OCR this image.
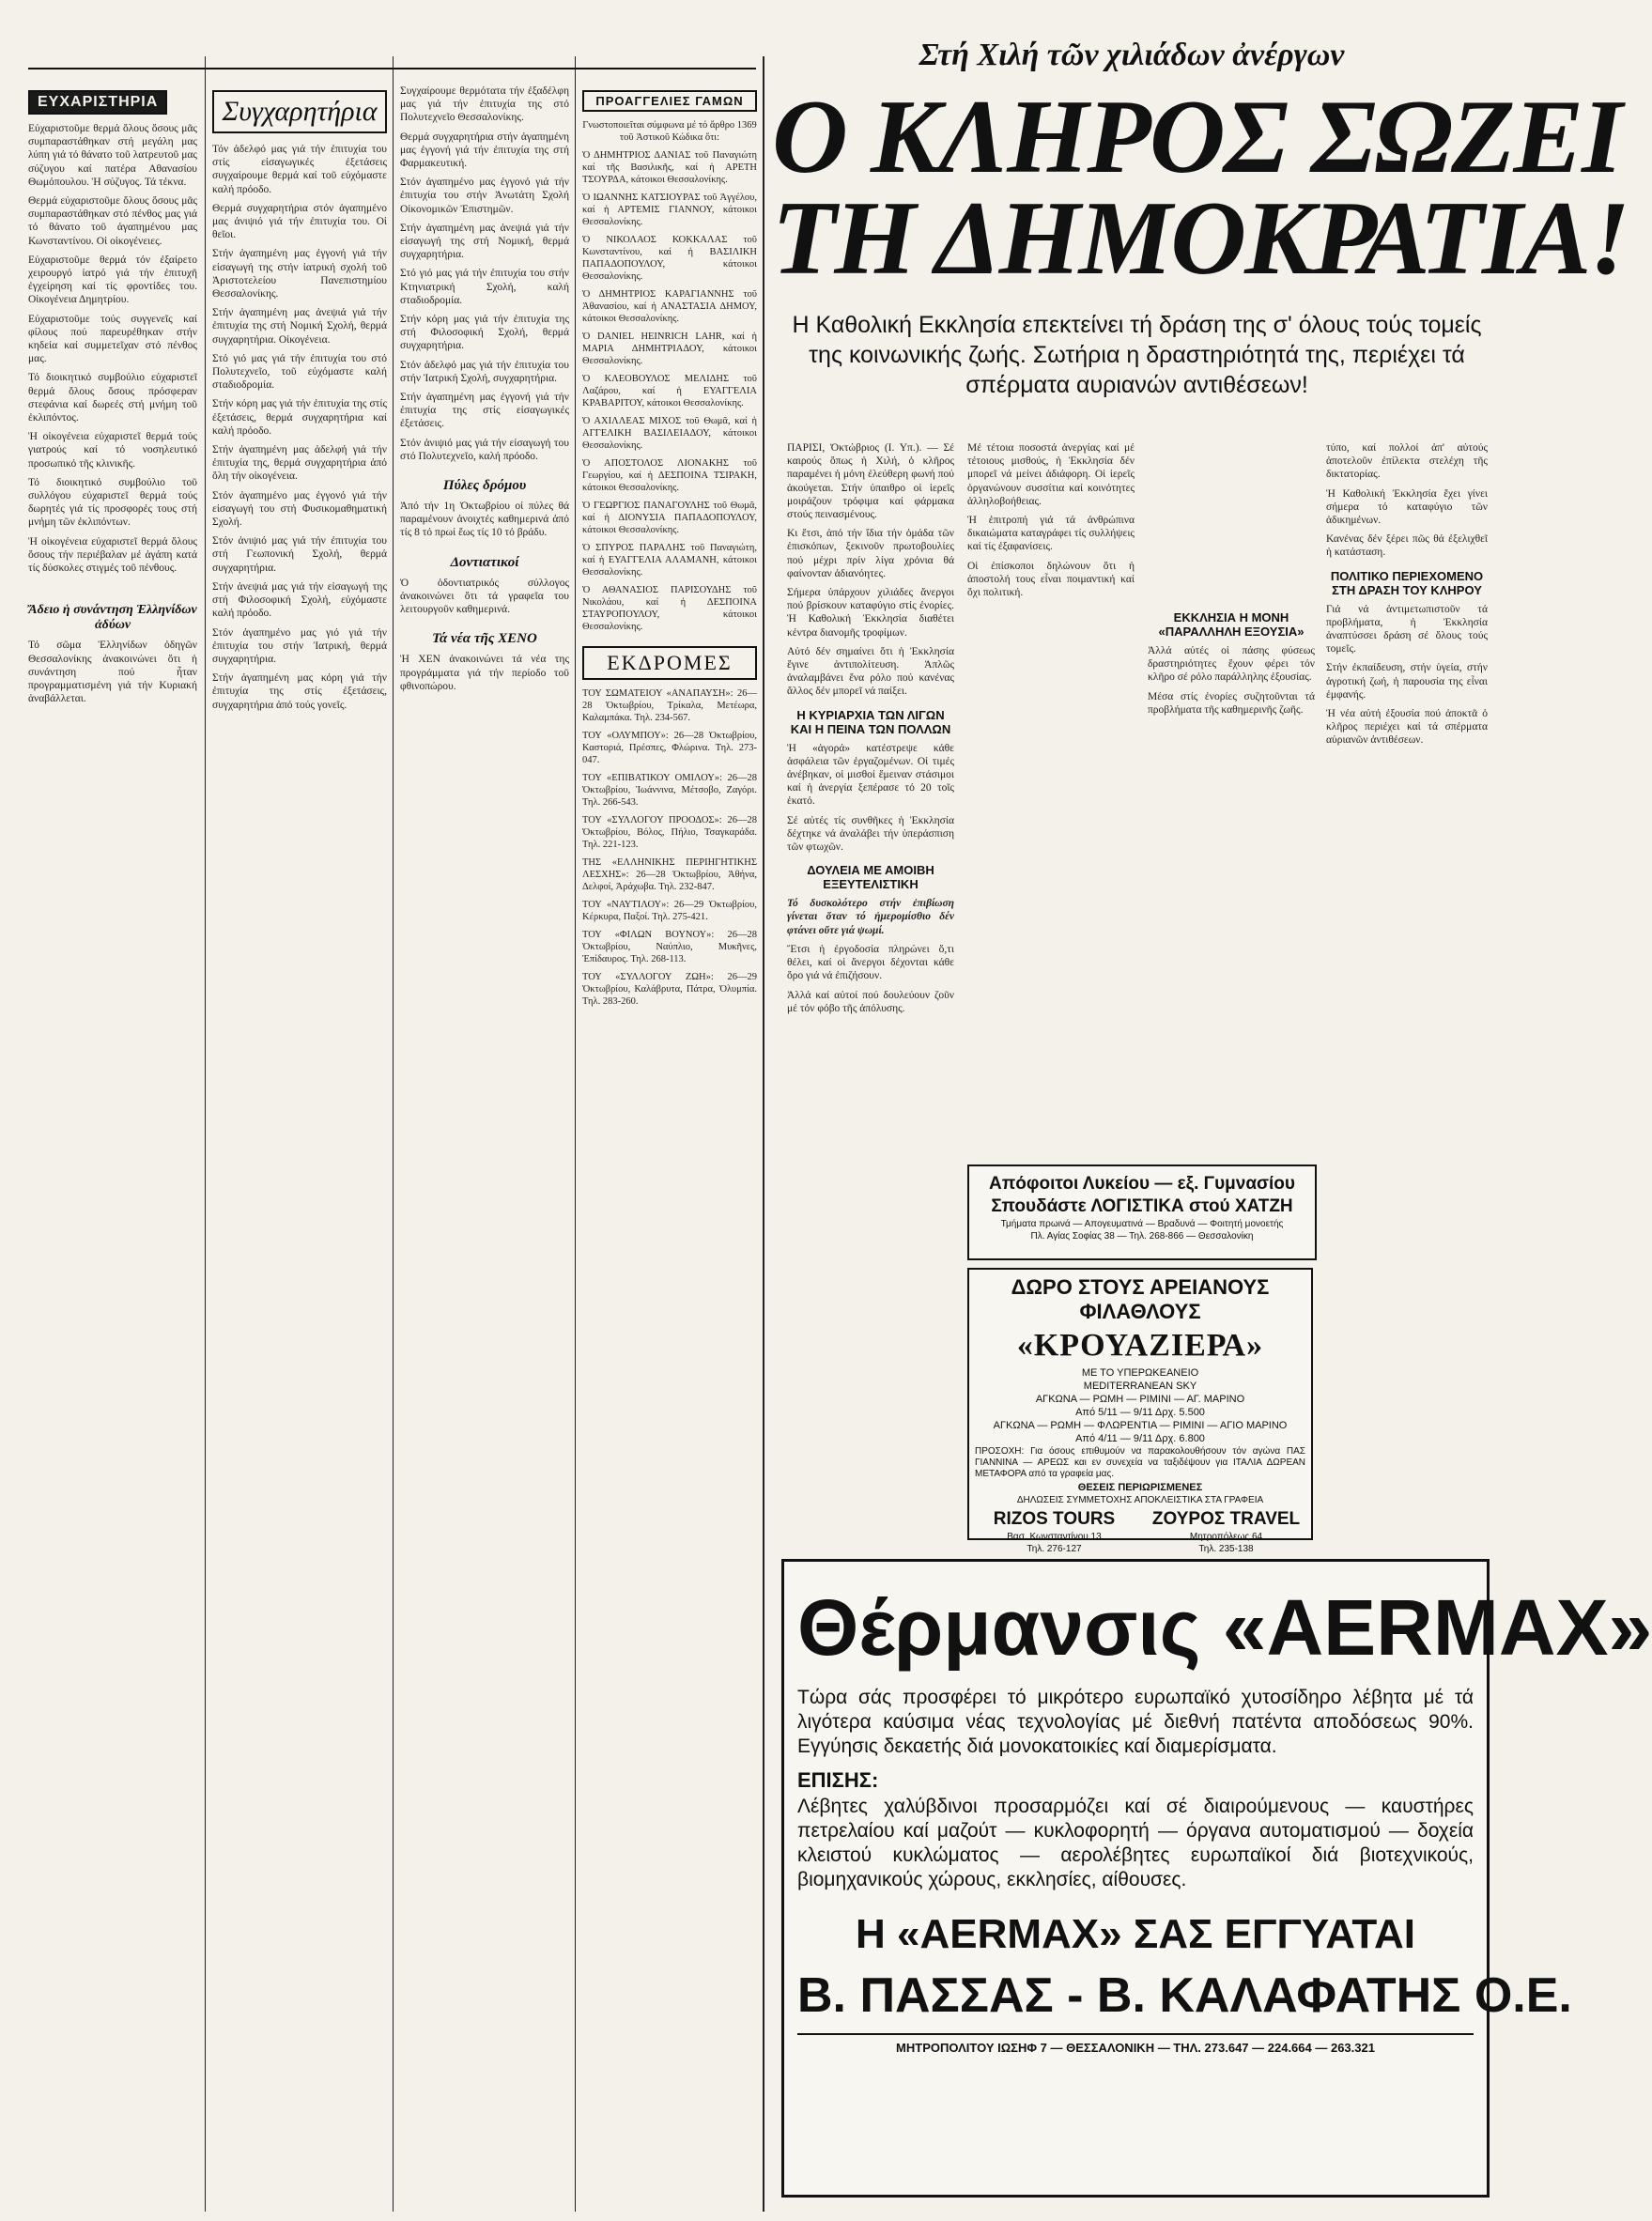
ΕΥΧΑΡΙΣΤΗΡΙΑ

Εὐχαριστοῦμε θερμά ὅλους ὅσους μᾶς συμπαραστάθηκαν στή μεγάλη μας λύπη γιά τό θάνατο τοῦ λατρευτοῦ μας σύζυγου καί πατέρα Αθανασίου Θωμόπουλου. Ἡ σύζυγος. Τά τέκνα.

Θερμά εὐχαριστοῦμε ὅλους ὅσους μᾶς συμπαραστάθηκαν στό πένθος μας γιά τό θάνατο τοῦ ἀγαπημένου μας Κωνσταντίνου. Οἱ οἰκογένειες.

Εὐχαριστοῦμε θερμά τόν ἐξαίρετο χειρουργό ἰατρό γιά τήν ἐπιτυχῆ ἐγχείρηση καί τίς φροντίδες του. Οἰκογένεια Δημητρίου.

Εὐχαριστοῦμε τούς συγγενεῖς καί φίλους πού παρευρέθηκαν στήν κηδεία καί συμμετεῖχαν στό πένθος μας.

Τό διοικητικό συμβούλιο εὐχαριστεῖ θερμά ὅλους ὅσους πρόσφεραν στεφάνια καί δωρεές στή μνήμη τοῦ ἐκλιπόντος.

Ἡ οἰκογένεια εὐχαριστεῖ θερμά τούς γιατρούς καί τό νοσηλευτικό προσωπικό τῆς κλινικῆς.

Τό διοικητικό συμβούλιο τοῦ συλλόγου εὐχαριστεῖ θερμά τούς δωρητές γιά τίς προσφορές τους στή μνήμη τῶν ἐκλιπόντων.

Ἡ οἰκογένεια εὐχαριστεῖ θερμά ὅλους ὅσους τήν περιέβαλαν μέ ἀγάπη κατά τίς δύσκολες στιγμές τοῦ πένθους.

Ἄδειο ἡ συνάντηση Ἑλληνίδων ἀδύων

Τό σῶμα Ἑλληνίδων ὁδηγῶν Θεσσαλονίκης ἀνακοινώνει ὅτι ἡ συνάντηση πού ἦταν προγραμματισμένη γιά τήν Κυριακή ἀναβάλλεται.

Συγχαρητήρια

Τόν ἀδελφό μας γιά τήν ἐπιτυχία του στίς εἰσαγωγικές ἐξετάσεις συγχαίρουμε θερμά καί τοῦ εὐχόμαστε καλή πρόοδο.

Θερμά συγχαρητήρια στόν ἀγαπημένο μας ἀνιψιό γιά τήν ἐπιτυχία του. Οἱ θεῖοι.

Στήν ἀγαπημένη μας ἐγγονή γιά τήν εἰσαγωγή της στήν ἰατρική σχολή τοῦ Ἀριστοτελείου Πανεπιστημίου Θεσσαλονίκης.

Στήν ἀγαπημένη μας ἀνεψιά γιά τήν ἐπιτυχία της στή Νομική Σχολή, θερμά συγχαρητήρια. Οἰκογένεια.

Στό γιό μας γιά τήν ἐπιτυχία του στό Πολυτεχνεῖο, τοῦ εὐχόμαστε καλή σταδιοδρομία.

Στήν κόρη μας γιά τήν ἐπιτυχία της στίς ἐξετάσεις, θερμά συγχαρητήρια καί καλή πρόοδο.

Στήν ἀγαπημένη μας ἀδελφή γιά τήν ἐπιτυχία της, θερμά συγχαρητήρια ἀπό ὅλη τήν οἰκογένεια.

Στόν ἀγαπημένο μας ἐγγονό γιά τήν εἰσαγωγή του στή Φυσικομαθηματική Σχολή.

Στόν ἀνιψιό μας γιά τήν ἐπιτυχία του στή Γεωπονική Σχολή, θερμά συγχαρητήρια.

Στήν ἀνεψιά μας γιά τήν εἰσαγωγή της στή Φιλοσοφική Σχολή, εὐχόμαστε καλή πρόοδο.

Στόν ἀγαπημένο μας γιό γιά τήν ἐπιτυχία του στήν Ἰατρική, θερμά συγχαρητήρια.

Στήν ἀγαπημένη μας κόρη γιά τήν ἐπιτυχία της στίς ἐξετάσεις, συγχαρητήρια ἀπό τούς γονεῖς.

Συγχαίρουμε θερμότατα τήν ἐξαδέλφη μας γιά τήν ἐπιτυχία της στό Πολυτεχνεῖο Θεσσαλονίκης.

Θερμά συγχαρητήρια στήν ἀγαπημένη μας ἐγγονή γιά τήν ἐπιτυχία της στή Φαρμακευτική.

Στόν ἀγαπημένο μας ἐγγονό γιά τήν ἐπιτυχία του στήν Ἀνωτάτη Σχολή Οἰκονομικῶν Ἐπιστημῶν.

Στήν ἀγαπημένη μας ἀνεψιά γιά τήν εἰσαγωγή της στή Νομική, θερμά συγχαρητήρια.

Στό γιό μας γιά τήν ἐπιτυχία του στήν Κτηνιατρική Σχολή, καλή σταδιοδρομία.

Στήν κόρη μας γιά τήν ἐπιτυχία της στή Φιλοσοφική Σχολή, θερμά συγχαρητήρια.

Στόν ἀδελφό μας γιά τήν ἐπιτυχία του στήν Ἰατρική Σχολή, συγχαρητήρια.

Στήν ἀγαπημένη μας ἐγγονή γιά τήν ἐπιτυχία της στίς εἰσαγωγικές ἐξετάσεις.

Στόν ἀνιψιό μας γιά τήν εἰσαγωγή του στό Πολυτεχνεῖο, καλή πρόοδο.

Πύλες δρόμου

Ἀπό τήν 1η Ὀκτωβρίου οἱ πύλες θά παραμένουν ἀνοιχτές καθημερινά ἀπό τίς 8 τό πρωί ἕως τίς 10 τό βράδυ.

Δοντιατικοί

Ὁ ὀδοντιατρικός σύλλογος ἀνακοινώνει ὅτι τά γραφεῖα του λειτουργοῦν καθημερινά.

Τά νέα τῆς ΧΕΝΟ

Ἡ ΧΕΝ ἀνακοινώνει τά νέα της προγράμματα γιά τήν περίοδο τοῦ φθινοπώρου.

ΠΡΟΑΓΓΕΛΙΕΣ ΓΑΜΩΝ

Γνωστοποιεῖται σύμφωνα μέ τό ἄρθρο 1369 τοῦ Ἀστικοῦ Κώδικα ὅτι:

Ὁ ΔΗΜΗΤΡΙΟΣ ΔΑΝΙΑΣ τοῦ Παναγιώτη καί τῆς Βασιλικῆς, καί ἡ ΑΡΕΤΗ ΤΣΟΥΡΔΑ, κάτοικοι Θεσσαλονίκης.

Ὁ ΙΩΑΝΝΗΣ ΚΑΤΣΙΟΥΡΑΣ τοῦ Ἀγγέλου, καί ἡ ΑΡΤΕΜΙΣ ΓΙΑΝΝΟΥ, κάτοικοι Θεσσαλονίκης.

Ὁ ΝΙΚΟΛΑΟΣ ΚΟΚΚΑΛΑΣ τοῦ Κωνσταντίνου, καί ἡ ΒΑΣΙΛΙΚΗ ΠΑΠΑΔΟΠΟΥΛΟΥ, κάτοικοι Θεσσαλονίκης.

Ὁ ΔΗΜΗΤΡΙΟΣ ΚΑΡΑΓΙΑΝΝΗΣ τοῦ Ἀθανασίου, καί ἡ ΑΝΑΣΤΑΣΙΑ ΔΗΜΟΥ, κάτοικοι Θεσσαλονίκης.

Ὁ DANIEL HEINRICH LAHR, καί ἡ ΜΑΡΙΑ ΔΗΜΗΤΡΙΑΔΟΥ, κάτοικοι Θεσσαλονίκης.

Ὁ ΚΛΕΟΒΟΥΛΟΣ ΜΕΛΙΔΗΣ τοῦ Λαζάρου, καί ἡ ΕΥΑΓΓΕΛΙΑ ΚΡΑΒΑΡΙΤΟΥ, κάτοικοι Θεσσαλονίκης.

Ὁ ΑΧΙΛΛΕΑΣ ΜΙΧΟΣ τοῦ Θωμᾶ, καί ἡ ΑΓΓΕΛΙΚΗ ΒΑΣΙΛΕΙΑΔΟΥ, κάτοικοι Θεσσαλονίκης.

Ὁ ΑΠΟΣΤΟΛΟΣ ΛΙΟΝΑΚΗΣ τοῦ Γεωργίου, καί ἡ ΔΕΣΠΟΙΝΑ ΤΣΙΡΑΚΗ, κάτοικοι Θεσσαλονίκης.

Ὁ ΓΕΩΡΓΙΟΣ ΠΑΝΑΓΟΥΛΗΣ τοῦ Θωμᾶ, καί ἡ ΔΙΟΝΥΣΙΑ ΠΑΠΑΔΟΠΟΥΛΟΥ, κάτοικοι Θεσσαλονίκης.

Ὁ ΣΠΥΡΟΣ ΠΑΡΑΛΗΣ τοῦ Παναγιώτη, καί ἡ ΕΥΑΓΓΕΛΙΑ ΑΛΑΜΑΝΗ, κάτοικοι Θεσσαλονίκης.

Ὁ ΑΘΑΝΑΣΙΟΣ ΠΑΡΙΣΟΥΔΗΣ τοῦ Νικολάου, καί ἡ ΔΕΣΠΟΙΝΑ ΣΤΑΥΡΟΠΟΥΛΟΥ, κάτοικοι Θεσσαλονίκης.

ΕΚΔΡΟΜΕΣ

ΤΟΥ ΣΩΜΑΤΕΙΟΥ «ΑΝΑΠΑΥΣΗ»: 26—28 Ὀκτωβρίου, Τρίκαλα, Μετέωρα, Καλαμπάκα. Τηλ. 234-567.

ΤΟΥ «ΟΛΥΜΠΟΥ»: 26—28 Ὀκτωβρίου, Καστοριά, Πρέσπες, Φλώρινα. Τηλ. 273-047.

ΤΟΥ «ΕΠΙΒΑΤΙΚΟΥ ΟΜΙΛΟΥ»: 26—28 Ὀκτωβρίου, Ἰωάννινα, Μέτσοβο, Ζαγόρι. Τηλ. 266-543.

ΤΟΥ «ΣΥΛΛΟΓΟΥ ΠΡΟΟΔΟΣ»: 26—28 Ὀκτωβρίου, Βόλος, Πήλιο, Τσαγκαράδα. Τηλ. 221-123.

ΤΗΣ «ΕΛΛΗΝΙΚΗΣ ΠΕΡΙΗΓΗΤΙΚΗΣ ΛΕΣΧΗΣ»: 26—28 Ὀκτωβρίου, Ἀθήνα, Δελφοί, Ἀράχωβα. Τηλ. 232-847.

ΤΟΥ «ΝΑΥΤΙΛΟΥ»: 26—29 Ὀκτωβρίου, Κέρκυρα, Παξοί. Τηλ. 275-421.

ΤΟΥ «ΦΙΛΩΝ ΒΟΥΝΟΥ»: 26—28 Ὀκτωβρίου, Ναύπλιο, Μυκῆνες, Ἐπίδαυρος. Τηλ. 268-113.

ΤΟΥ «ΣΥΛΛΟΓΟΥ ΖΩΗ»: 26—29 Ὀκτωβρίου, Καλάβρυτα, Πάτρα, Ὀλυμπία. Τηλ. 283-260.

Στή Χιλή τῶν χιλιάδων ἀνέργων
Ο ΚΛΗΡΟΣ ΣΩΖΕΙ
ΤΗ ΔΗΜΟΚΡΑΤΙΑ!
Η Καθολική Εκκλησία επεκτείνει τή δράση της σ' όλους τούς τομείς της κοινωνικής ζωής. Σωτήρια η δραστηριότητά της, περιέχει τά σπέρματα αυριανών αντιθέσεων!

ΠΑΡΙΣΙ, Ὀκτώβριος (Ι. Υπ.). — Σέ καιρούς ὅπως ἡ Χιλή, ὁ κλῆρος παραμένει ἡ μόνη ἐλεύθερη φωνή πού ἀκούγεται. Στήν ὑπαιθρο οἱ ἱερεῖς μοιράζουν τρόφιμα καί φάρμακα στούς πεινασμένους.

Κι ἔτσι, ἀπό τήν ἴδια τήν ὁμάδα τῶν ἐπισκόπων, ξεκινοῦν πρωτοβουλίες πού μέχρι πρίν λίγα χρόνια θά φαίνονταν ἀδιανόητες.

Σήμερα ὑπάρχουν χιλιάδες ἄνεργοι πού βρίσκουν καταφύγιο στίς ἐνορίες. Ἡ Καθολική Ἐκκλησία διαθέτει κέντρα διανομῆς τροφίμων.

Αὐτό δέν σημαίνει ὅτι ἡ Ἐκκλησία ἔγινε ἀντιπολίτευση. Ἁπλῶς ἀναλαμβάνει ἕνα ρόλο πού κανένας ἄλλος δέν μπορεῖ νά παίξει.

Η ΚΥΡΙΑΡΧΙΑ ΤΩΝ ΛΙΓΩΝ ΚΑΙ Η ΠΕΙΝΑ ΤΩΝ ΠΟΛΛΩΝ

Ἡ «ἀγορά» κατέστρεψε κάθε ἀσφάλεια τῶν ἐργαζομένων. Οἱ τιμές ἀνέβηκαν, οἱ μισθοί ἔμειναν στάσιμοι καί ἡ ἀνεργία ξεπέρασε τό 20 τοῖς ἑκατό.

Σέ αὐτές τίς συνθῆκες ἡ Ἐκκλησία δέχτηκε νά ἀναλάβει τήν ὑπεράσπιση τῶν φτωχῶν.

ΔΟΥΛΕΙΑ ΜΕ ΑΜΟΙΒΗ ΕΞΕΥΤΕΛΙΣΤΙΚΗ

Τό δυσκολότερο στήν ἐπιβίωση γίνεται ὅταν τό ἡμερομίσθιο δέν φτάνει οὔτε γιά ψωμί.

Ἔτσι ἡ ἐργοδοσία πληρώνει ὅ,τι θέλει, καί οἱ ἄνεργοι δέχονται κάθε ὅρο γιά νά ἐπιζήσουν.

Ἀλλά καί αὐτοί πού δουλεύουν ζοῦν μέ τόν φόβο τῆς ἀπόλυσης.

Μέ τέτοια ποσοστά ἀνεργίας καί μέ τέτοιους μισθούς, ἡ Ἐκκλησία δέν μπορεῖ νά μείνει ἀδιάφορη. Οἱ ἱερεῖς ὀργανώνουν συσσίτια καί κοινότητες ἀλληλοβοήθειας.

Ἡ ἐπιτροπή γιά τά ἀνθρώπινα δικαιώματα καταγράφει τίς συλλήψεις καί τίς ἐξαφανίσεις.

Οἱ ἐπίσκοποι δηλώνουν ὅτι ἡ ἀποστολή τους εἶναι ποιμαντική καί ὄχι πολιτική.

ΕΚΚΛΗΣΙΑ Η ΜΟΝΗ «ΠΑΡΑΛΛΗΛΗ ΕΞΟΥΣΙΑ»

Ἀλλά αὐτές οἱ πάσης φύσεως δραστηριότητες ἔχουν φέρει τόν κλῆρο σέ ρόλο παράλληλης ἐξουσίας.

Μέσα στίς ἐνορίες συζητοῦνται τά προβλήματα τῆς καθημερινῆς ζωῆς.

τύπο, καί πολλοί ἀπ' αὐτούς ἀποτελοῦν ἐπίλεκτα στελέχη τῆς δικτατορίας.

Ἡ Καθολική Ἐκκλησία ἔχει γίνει σήμερα τό καταφύγιο τῶν ἀδικημένων.

Κανένας δέν ξέρει πῶς θά ἐξελιχθεῖ ἡ κατάσταση.

ΠΟΛΙΤΙΚΟ ΠΕΡΙΕΧΟΜΕΝΟ ΣΤΗ ΔΡΑΣΗ ΤΟΥ ΚΛΗΡΟΥ

Γιά νά ἀντιμετωπιστοῦν τά προβλήματα, ἡ Ἐκκλησία ἀναπτύσσει δράση σέ ὅλους τούς τομεῖς.

Στήν ἐκπαίδευση, στήν ὑγεία, στήν ἀγροτική ζωή, ἡ παρουσία της εἶναι ἐμφανής.

Ἡ νέα αὐτή ἐξουσία πού ἀποκτᾶ ὁ κλῆρος περιέχει καί τά σπέρματα αὐριανῶν ἀντιθέσεων.

Απόφοιτοι Λυκείου — εξ. Γυμνασίου

Σπουδάστε ΛΟΓΙΣΤΙΚΑ στού ΧΑΤΖΗ

Τμήματα πρωινά — Απογευματινά — Βραδυνά — Φοιτητή μονοετής

Πλ. Αγίας Σοφίας 38 — Τηλ. 268-866 — Θεσσαλονίκη

ΔΩΡΟ ΣΤΟΥΣ ΑΡΕΙΑΝΟΥΣ ΦΙΛΑΘΛΟΥΣ

«ΚΡΟΥΑΖΙΕΡΑ»

ΜΕ ΤΟ ΥΠΕΡΩΚΕΑΝΕΙΟ

MEDITERRANEAN SKY

ΑΓΚΩΝΑ — ΡΩΜΗ — ΡΙΜΙΝΙ — ΑΓ. ΜΑΡΙΝΟ

Από 5/11 — 9/11 Δρχ. 5.500

ΑΓΚΩΝΑ — ΡΩΜΗ — ΦΛΩΡΕΝΤΙΑ — ΡΙΜΙΝΙ — ΑΓΙΟ ΜΑΡΙΝΟ

Από 4/11 — 9/11 Δρχ. 6.800

ΠΡΟΣΟΧΗ: Για όσους επιθυμούν να παρακολουθήσουν τόν αγώνα ΠΑΣ ΓΙΑΝΝΙΝΑ — ΑΡΕΩΣ και εν συνεχεία να ταξιδέψουν για ΙΤΑΛΙΑ ΔΩΡΕΑΝ ΜΕΤΑΦΟΡΑ από τα γραφεία μας.

ΘΕΣΕΙΣ ΠΕΡΙΩΡΙΣΜΕΝΕΣ

ΔΗΛΩΣΕΙΣ ΣΥΜΜΕΤΟΧΗΣ ΑΠΟΚΛΕΙΣΤΙΚΑ ΣΤΑ ΓΡΑΦΕΙΑ

RIZOS TOURS

Βασ. Κωνσταντίνου 13

Τηλ. 276-127

ΖΟΥΡΟΣ TRAVEL

Μητροπόλεως 64

Τηλ. 235-138

Θέρμανσις «AERMAX»

Τώρα σάς προσφέρει τό μικρότερο ευρωπαϊκό χυτοσίδηρο λέβητα μέ τά λιγότερα καύσιμα νέας τεχνολογίας μέ διεθνή πατέντα αποδόσεως 90%. Εγγύησις δεκαετής διά μονοκατοικίες καί διαμερίσματα.

ΕΠΙΣΗΣ:

Λέβητες χαλύβδινοι προσαρμόζει καί σέ διαιρούμενους — καυστήρες πετρελαίου καί μαζούτ — κυκλοφορητή — όργανα αυτοματισμού — δοχεία κλειστού κυκλώματος — αερολέβητες ευρωπαϊκοί διά βιοτεχνικούς, βιομηχανικούς χώρους, εκκλησίες, αίθουσες.

Η «AERMAX» ΣΑΣ ΕΓΓΥΑΤΑΙ

Β. ΠΑΣΣΑΣ - Β. ΚΑΛΑΦΑΤΗΣ Ο.Ε.

ΜΗΤΡΟΠΟΛΙΤΟΥ ΙΩΣΗΦ 7 — ΘΕΣΣΑΛΟΝΙΚΗ — ΤΗΛ. 273.647 — 224.664 — 263.321
